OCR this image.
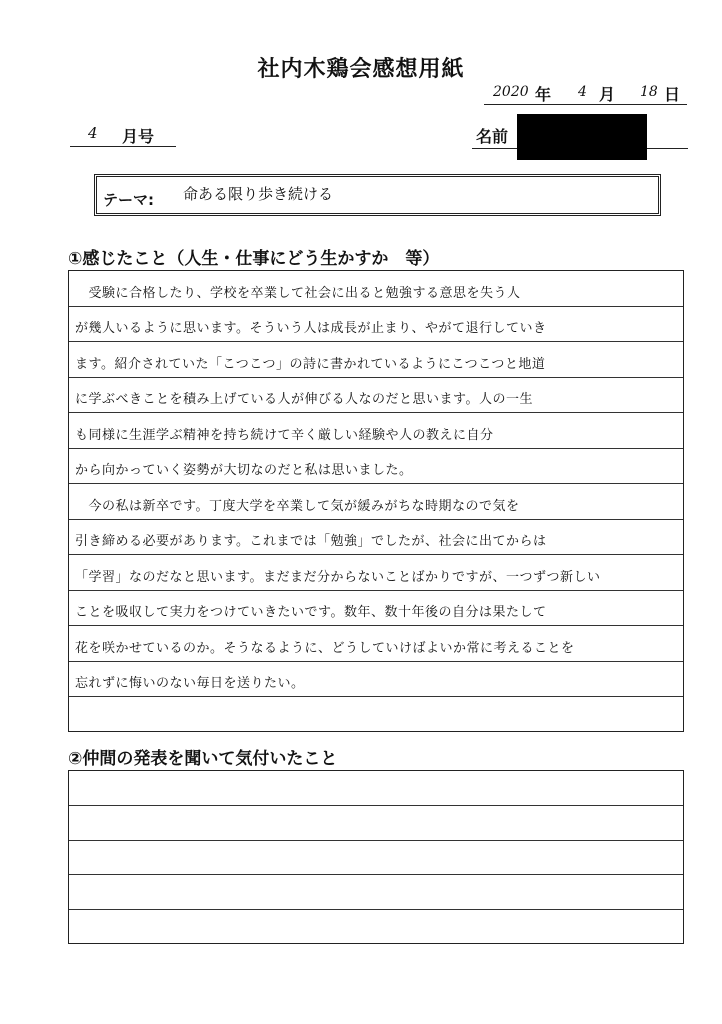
社内木鶏会感想用紙
2020 年 4 月 18 日
4 月号	名前
テーマ: 命ある限り歩き続ける
①感じたこと（人生・仕事にどう生かすか　等）
　受験に合格したり、学校を卒業して社会に出ると勉強する意思を失う人
が幾人いるように思います。そういう人は成長が止まり、やがて退行していき
ます。紹介されていた「こつこつ」の詩に書かれているようにこつこつと地道
に学ぶべきことを積み上げている人が伸びる人なのだと思います。人の一生
も同様に生涯学ぶ精神を持ち続けて辛く厳しい経験や人の教えに自分
から向かっていく姿勢が大切なのだと私は思いました。
　今の私は新卒です。丁度大学を卒業して気が緩みがちな時期なので気を
引き締める必要があります。これまでは「勉強」でしたが、社会に出てからは
「学習」なのだなと思います。まだまだ分からないことばかりですが、一つずつ新しい
ことを吸収して実力をつけていきたいです。数年、数十年後の自分は果たして
花を咲かせているのか。そうなるように、どうしていけばよいか常に考えることを
忘れずに悔いのない毎日を送りたい。
②仲間の発表を聞いて気付いたこと
